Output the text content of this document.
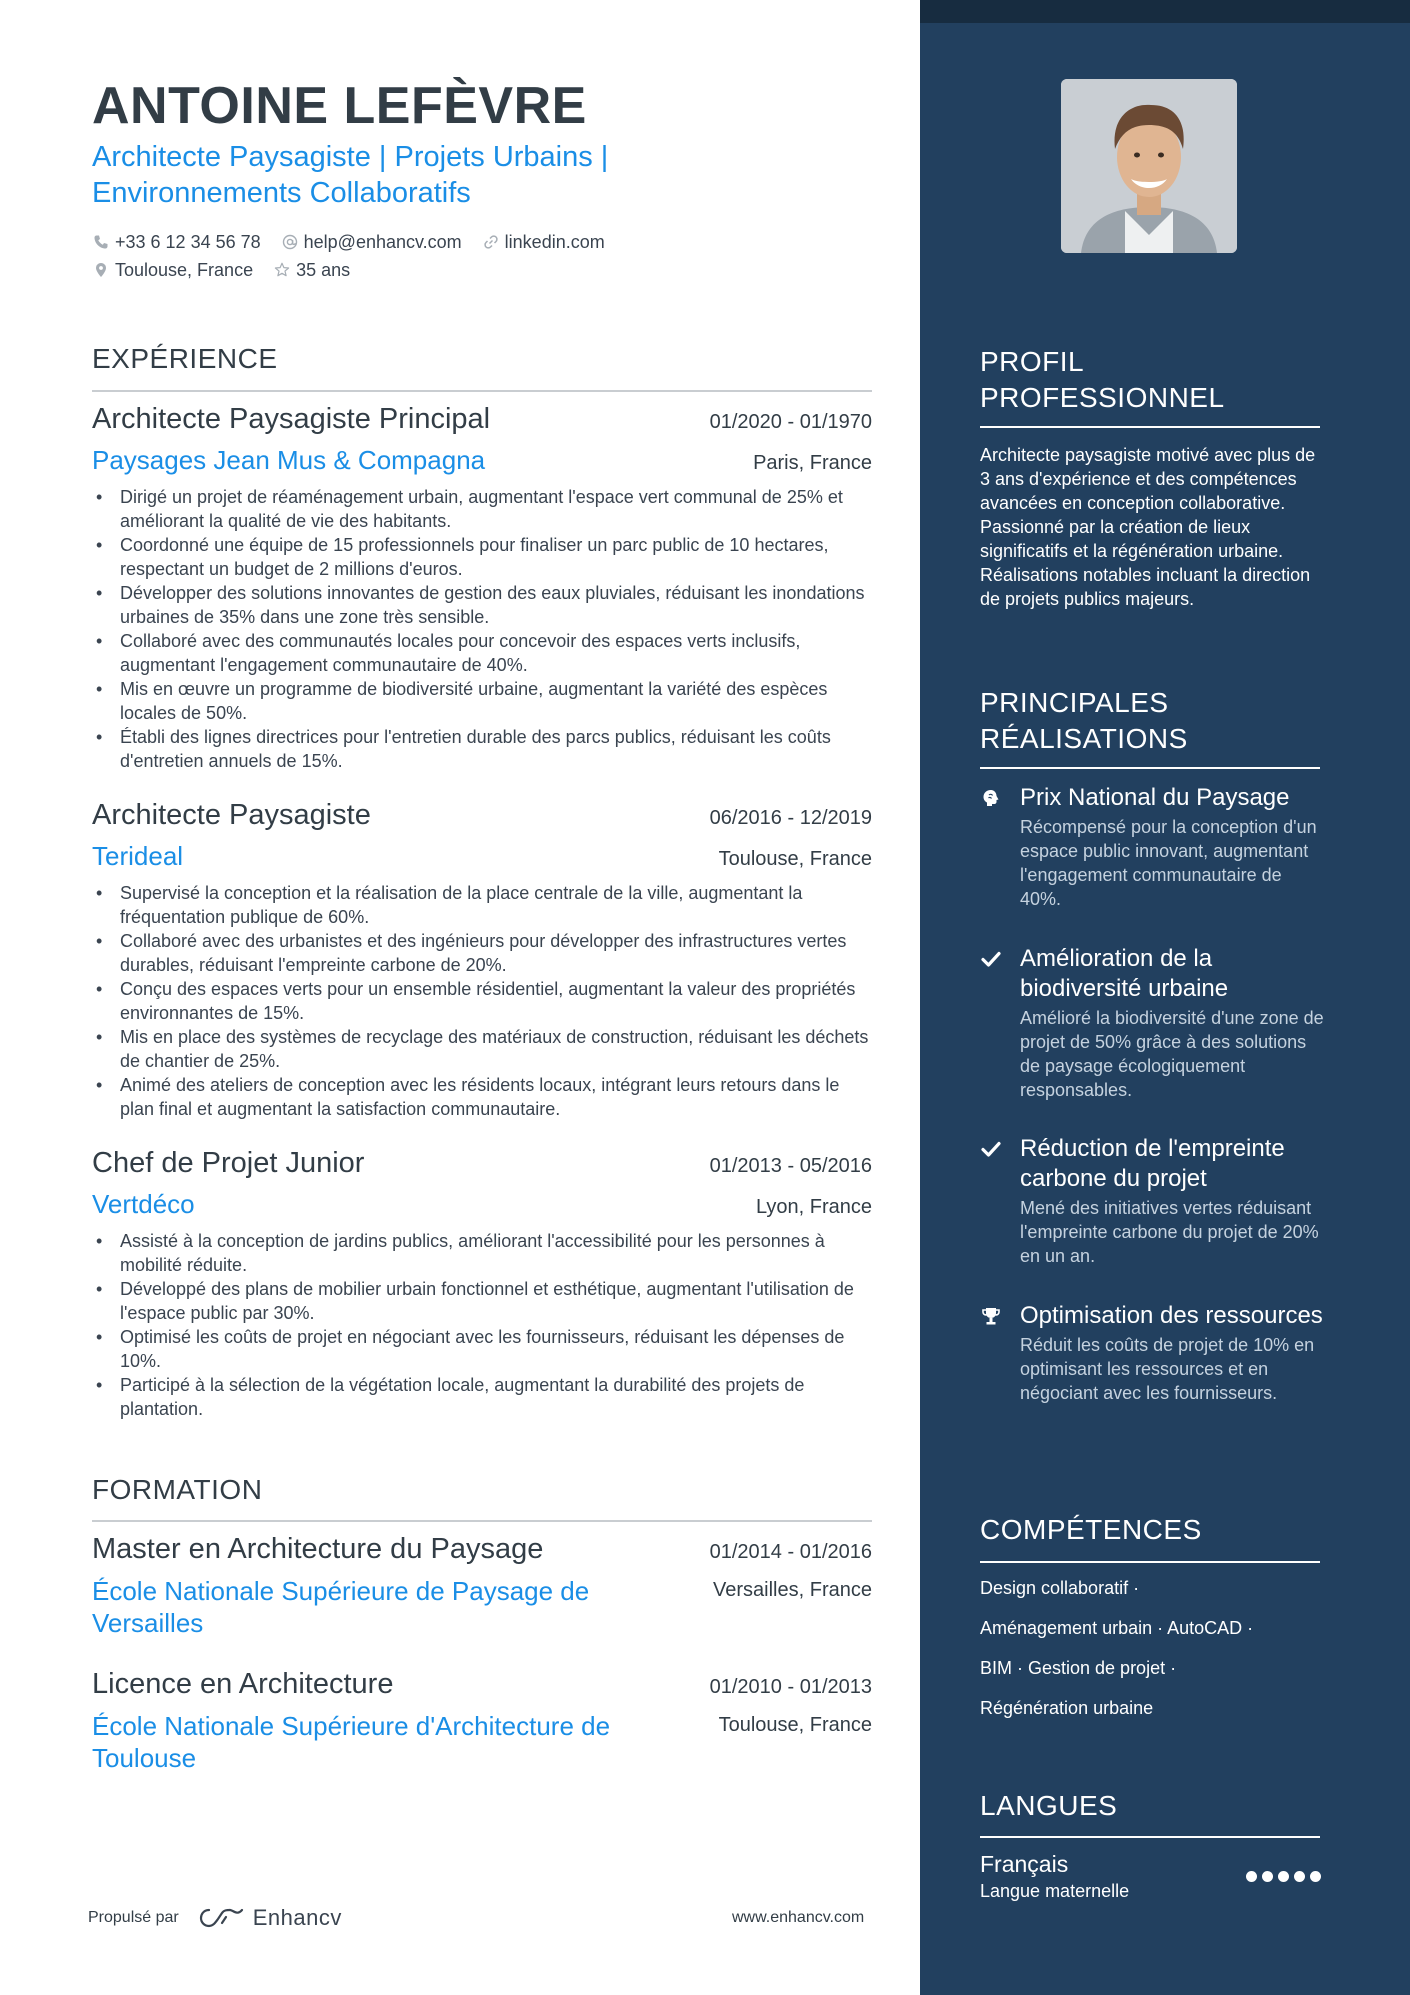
ANTOINE LEFÈVRE
Architecte Paysagiste | Projets Urbains |
Environnements Collaboratifs
+33 6 12 34 56 78 help@enhancv.com linkedin.com
Toulouse, France 35 ans
EXPÉRIENCE
Architecte Paysagiste Principal	01/2020 - 01/1970
Paysages Jean Mus & Compagna	Paris, France
• Dirigé un projet de réaménagement urbain, augmentant l'espace vert communal de 25% et améliorant la qualité de vie des habitants.
• Coordonné une équipe de 15 professionnels pour finaliser un parc public de 10 hectares, respectant un budget de 2 millions d'euros.
• Développer des solutions innovantes de gestion des eaux pluviales, réduisant les inondations urbaines de 35% dans une zone très sensible.
• Collaboré avec des communautés locales pour concevoir des espaces verts inclusifs, augmentant l'engagement communautaire de 40%.
• Mis en œuvre un programme de biodiversité urbaine, augmentant la variété des espèces locales de 50%.
• Établi des lignes directrices pour l'entretien durable des parcs publics, réduisant les coûts d'entretien annuels de 15%.
Architecte Paysagiste	06/2016 - 12/2019
Terideal	Toulouse, France
• Supervisé la conception et la réalisation de la place centrale de la ville, augmentant la fréquentation publique de 60%.
• Collaboré avec des urbanistes et des ingénieurs pour développer des infrastructures vertes durables, réduisant l'empreinte carbone de 20%.
• Conçu des espaces verts pour un ensemble résidentiel, augmentant la valeur des propriétés environnantes de 15%.
• Mis en place des systèmes de recyclage des matériaux de construction, réduisant les déchets de chantier de 25%.
• Animé des ateliers de conception avec les résidents locaux, intégrant leurs retours dans le plan final et augmentant la satisfaction communautaire.
Chef de Projet Junior	01/2013 - 05/2016
Vertdéco	Lyon, France
• Assisté à la conception de jardins publics, améliorant l'accessibilité pour les personnes à mobilité réduite.
• Développé des plans de mobilier urbain fonctionnel et esthétique, augmentant l'utilisation de l'espace public par 30%.
• Optimisé les coûts de projet en négociant avec les fournisseurs, réduisant les dépenses de 10%.
• Participé à la sélection de la végétation locale, augmentant la durabilité des projets de plantation.
FORMATION
Master en Architecture du Paysage	01/2014 - 01/2016
École Nationale Supérieure de Paysage de Versailles
Versailles, France
Licence en Architecture	01/2010 - 01/2013
École Nationale Supérieure d'Architecture de Toulouse
Toulouse, France
Propulsé par	Enhancv	www.enhancv.com
PROFIL
PROFESSIONNEL
Architecte paysagiste motivé avec plus de 3 ans d'expérience et des compétences avancées en conception collaborative. Passionné par la création de lieux significatifs et la régénération urbaine. Réalisations notables incluant la direction de projets publics majeurs.
PRINCIPALES
RÉALISATIONS
Prix National du Paysage
Récompensé pour la conception d'un espace public innovant, augmentant l'engagement communautaire de 40%.
Amélioration de la biodiversité urbaine
Amélioré la biodiversité d'une zone de projet de 50% grâce à des solutions de paysage écologiquement responsables.
Réduction de l'empreinte carbone du projet
Mené des initiatives vertes réduisant l'empreinte carbone du projet de 20% en un an.
Optimisation des ressources
Réduit les coûts de projet de 10% en optimisant les ressources et en négociant avec les fournisseurs.
COMPÉTENCES
Design collaboratif ·
Aménagement urbain · AutoCAD ·
BIM · Gestion de projet ·
Régénération urbaine
LANGUES
Français
Langue maternelle
